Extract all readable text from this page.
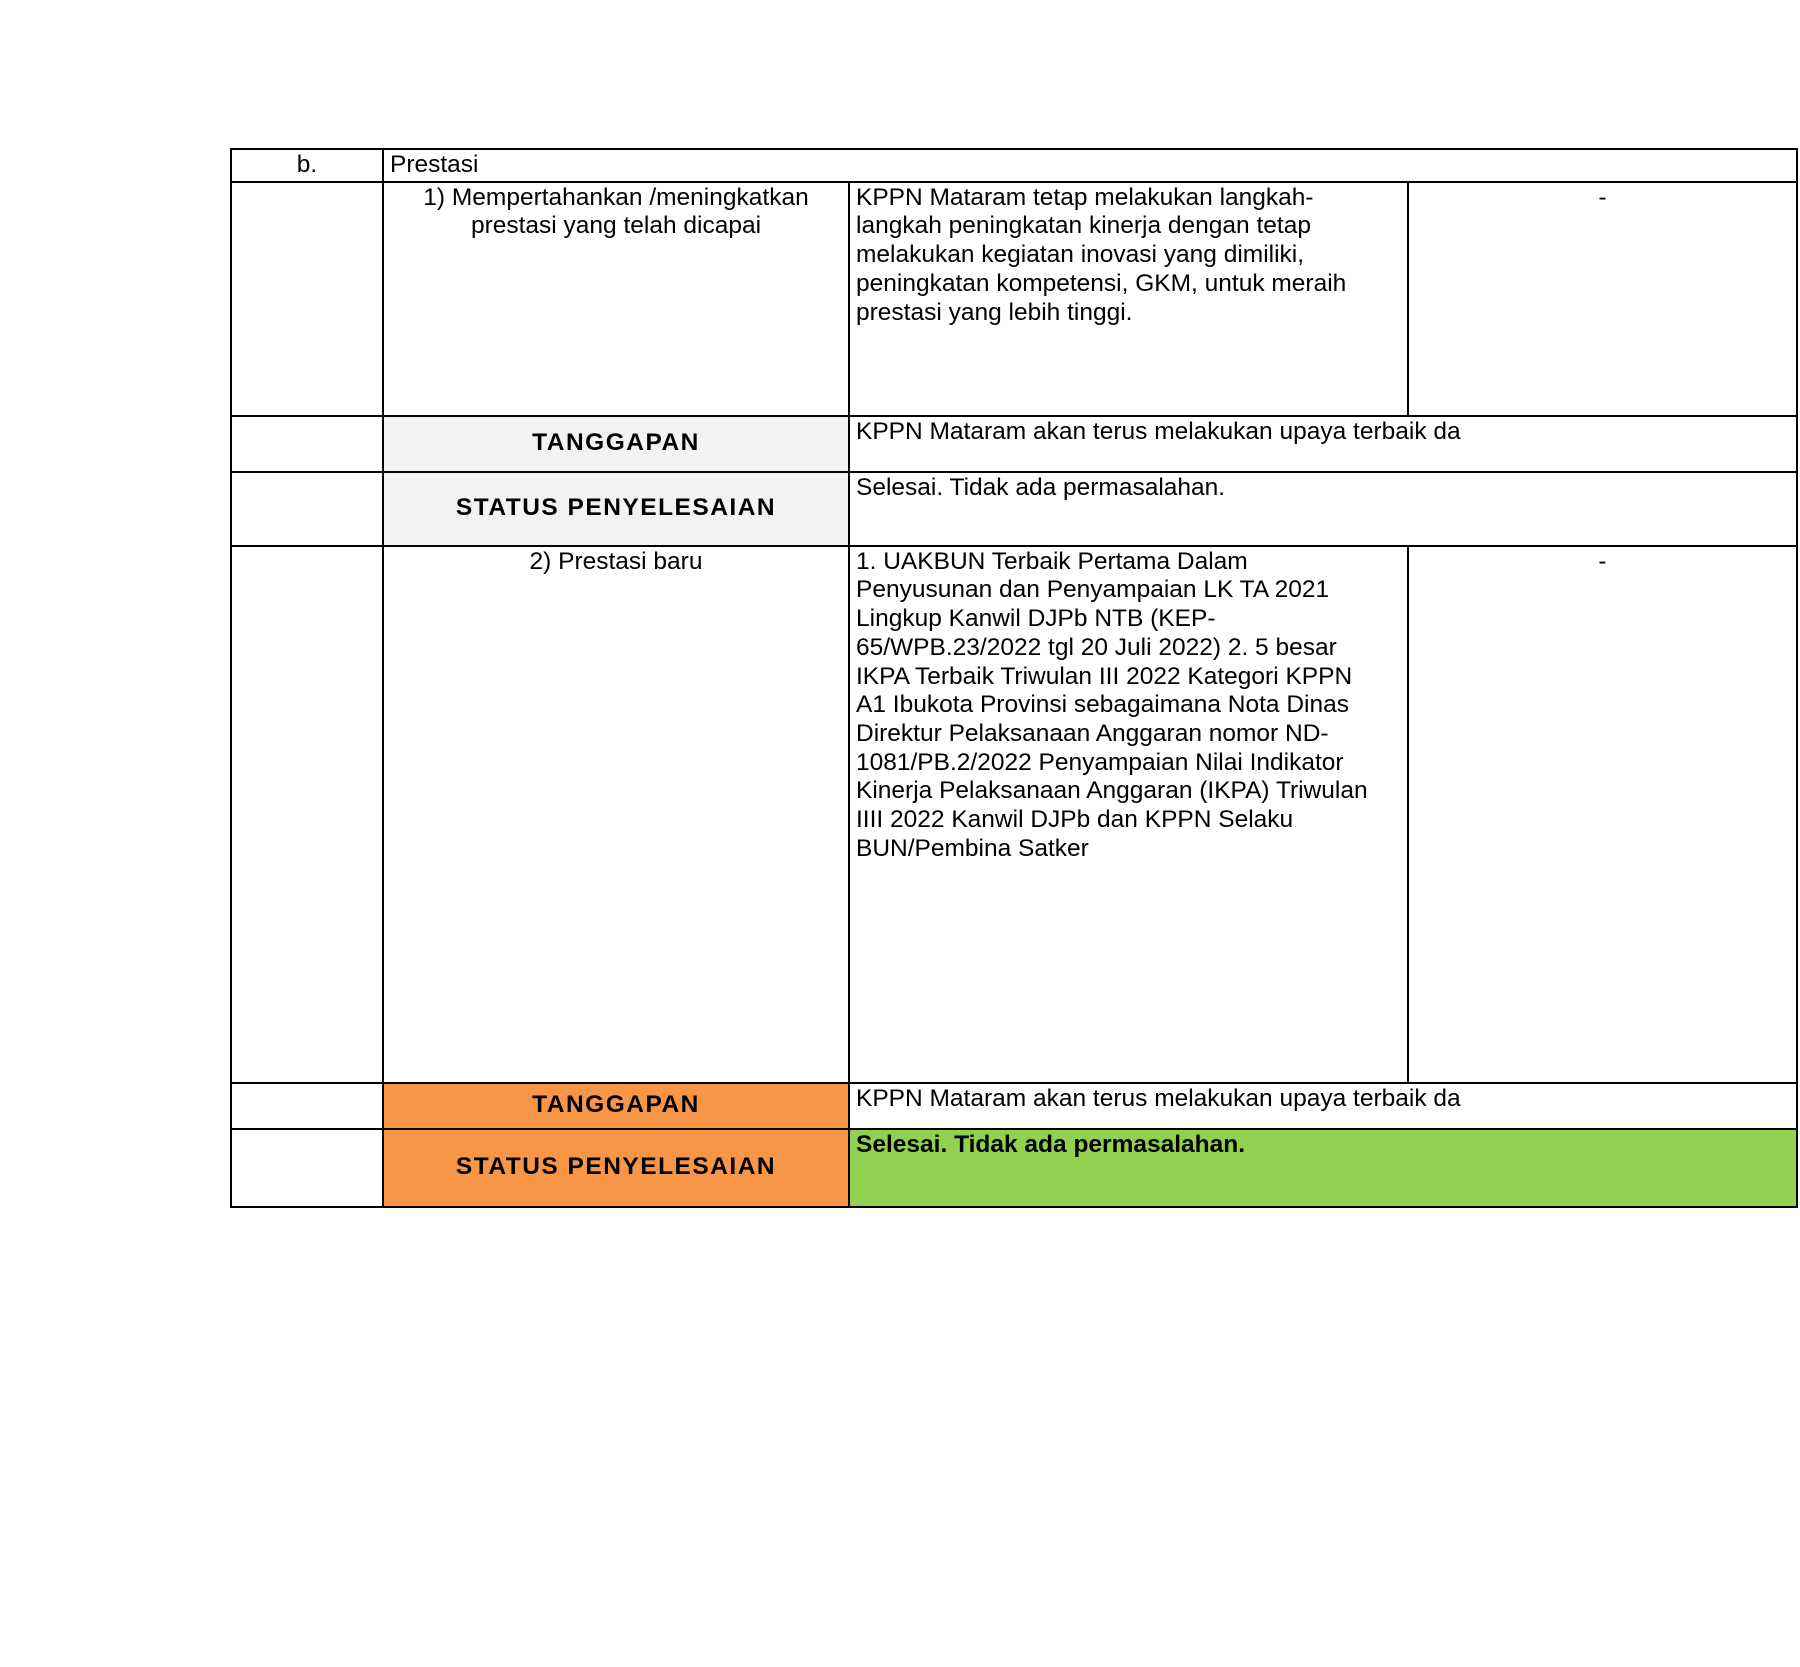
b.	Prestasi		
	1) Mempertahankan /meningkatkan prestasi yang telah dicapai	KPPN Mataram tetap melakukan langkah-langkah peningkatan kinerja dengan tetap melakukan kegiatan inovasi yang dimiliki, peningkatan kompetensi, GKM, untuk meraih prestasi yang lebih tinggi.	-
	TANGGAPAN	KPPN Mataram akan terus melakukan upaya terbaik da	
	STATUS PENYELESAIAN	Selesai. Tidak ada permasalahan.	
	2) Prestasi baru	1. UAKBUN Terbaik Pertama Dalam Penyusunan dan Penyampaian LK TA 2021 Lingkup Kanwil DJPb NTB (KEP-65/WPB.23/2022 tgl 20 Juli 2022) 2. 5 besar IKPA Terbaik Triwulan III 2022 Kategori KPPN A1 Ibukota Provinsi sebagaimana Nota Dinas Direktur Pelaksanaan Anggaran nomor ND-1081/PB.2/2022 Penyampaian Nilai Indikator Kinerja Pelaksanaan Anggaran (IKPA) Triwulan IIII 2022 Kanwil DJPb dan KPPN Selaku BUN/Pembina Satker	-
	TANGGAPAN	KPPN Mataram akan terus melakukan upaya terbaik da	
	STATUS PENYELESAIAN	Selesai. Tidak ada permasalahan.	
